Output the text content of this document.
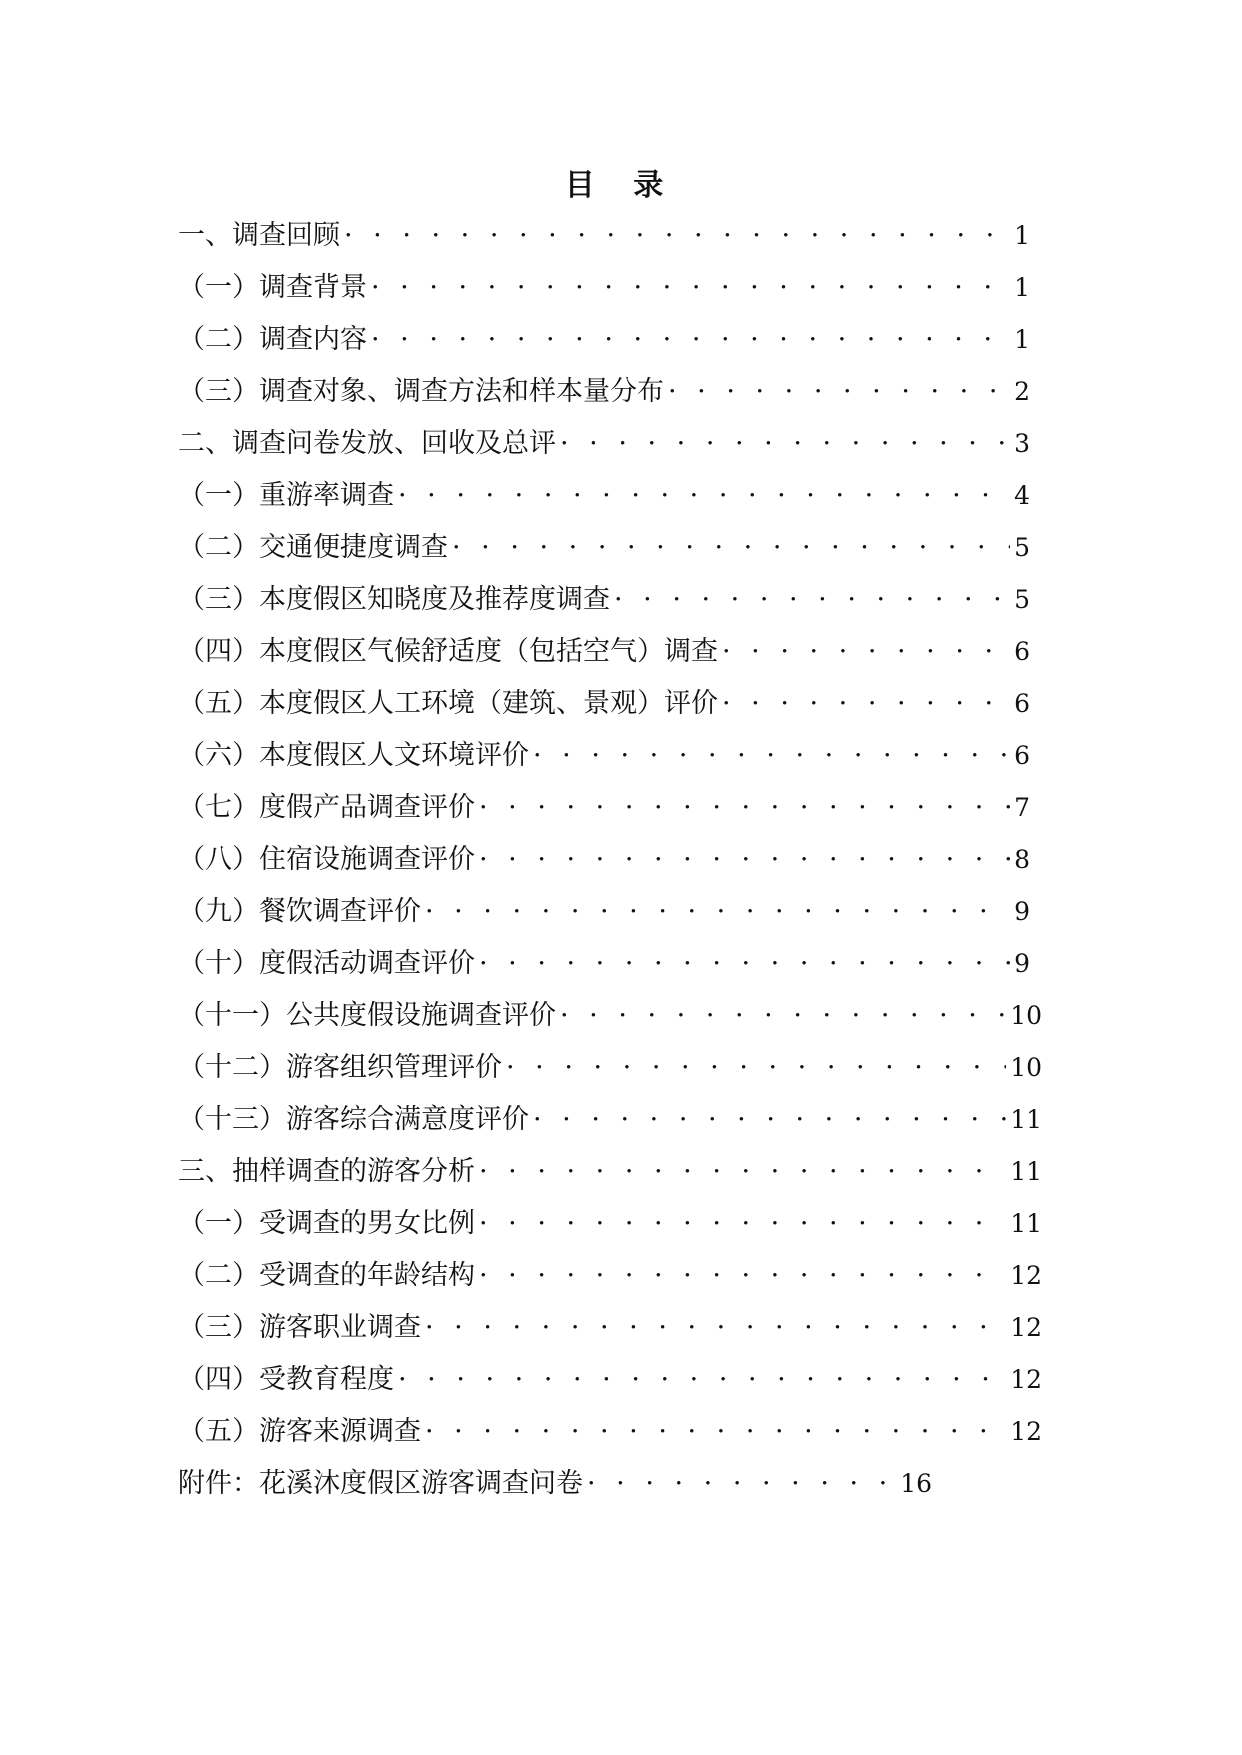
目 录
一、调查回顾 · · ·	1
（一）调查背景 · · ·	1
（二）调查内容 · · ·	1
（三）调查对象、调查方法和样本量分布 · · ·	2
二、调查问卷发放、回收及总评 · · ·	3
（一）重游率调查 · · ·	4
（二）交通便捷度调查 · · ·	5
（三）本度假区知晓度及推荐度调查 · · ·	5
（四）本度假区气候舒适度（包括空气）调查 · · ·	6
（五）本度假区人工环境（建筑、景观）评价 · · ·	6
（六）本度假区人文环境评价 · · ·	6
（七）度假产品调查评价 · · ·	7
（八）住宿设施调查评价 · · ·	8
（九）餐饮调查评价 · · ·	9
（十）度假活动调查评价 · · ·	9
（十一）公共度假设施调查评价 · · ·	10
（十二）游客组织管理评价 · · ·	10
（十三）游客综合满意度评价 · · ·	11
三、抽样调查的游客分析 · · ·	11
（一）受调查的男女比例 · · ·	11
（二）受调查的年龄结构 · · ·	12
（三）游客职业调查 · · ·	12
（四）受教育程度 · · ·	12
（五）游客来源调查 · · ·	12
附件：花溪沐度假区游客调查问卷 · · ·	16
